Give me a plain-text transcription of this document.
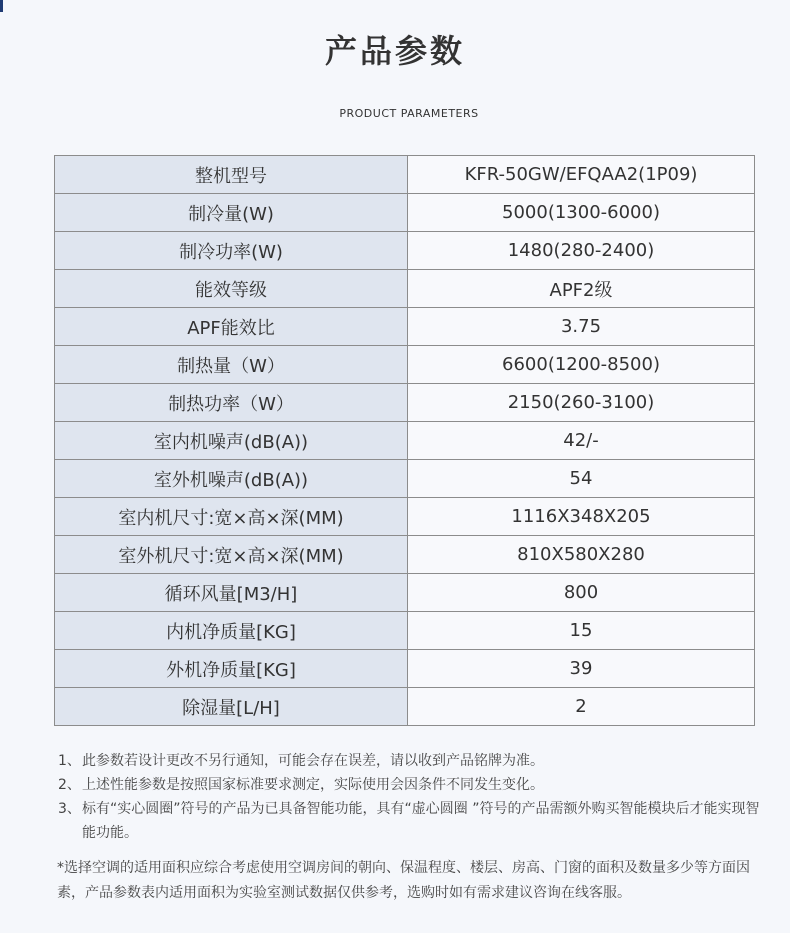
产品参数
PRODUCT PARAMETERS
整机型号	KFR-50GW/EFQAA2(1P09)
制冷量(W)	5000(1300-6000)
制冷功率(W)	1480(280-2400)
能效等级	APF2级
APF能效比	3.75
制热量（W）	6600(1200-8500)
制热功率（W）	2150(260-3100)
室内机噪声(dB(A))	42/-
室外机噪声(dB(A))	54
室内机尺寸:宽×高×深(MM)	1116X348X205
室外机尺寸:宽×高×深(MM)	810X580X280
循环风量[M3/H]	800
内机净质量[KG]	15
外机净质量[KG]	39
除湿量[L/H]	2
1、 此参数若设计更改不另行通知，可能会存在误差，请以收到产品铭牌为准。
2、 上述性能参数是按照国家标准要求测定，实际使用会因条件不同发生变化。
3、 标有“实心圆圈”符号的产品为已具备智能功能，具有“虚心圆圈 ”符号的产品需额外购买智能模块后才能实现智能功能。
*选择空调的适用面积应综合考虑使用空调房间的朝向、保温程度、楼层、房高、门窗的面积及数量多少等方面因素，产品参数表内适用面积为实验室测试数据仅供参考，选购时如有需求建议咨询在线客服。
